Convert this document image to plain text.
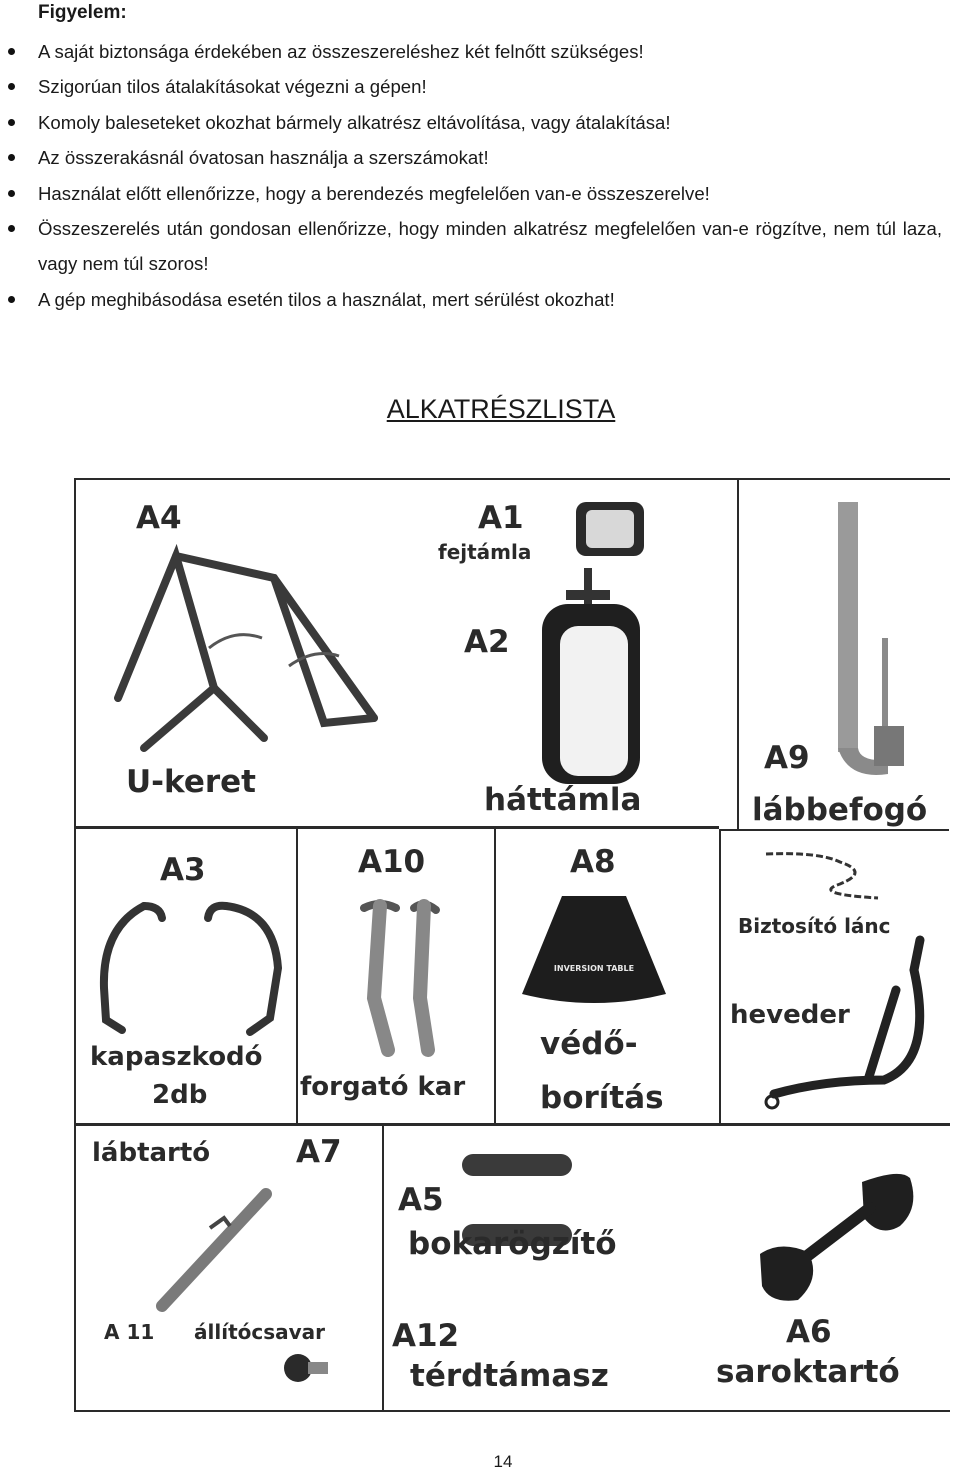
Figyelem:
A saját biztonsága érdekében az összeszereléshez két felnőtt szükséges!
Szigorúan tilos átalakításokat végezni a gépen!
Komoly baleseteket okozhat bármely alkatrész eltávolítása, vagy átalakítása!
Az összerakásnál óvatosan használja a szerszámokat!
Használat előtt ellenőrizze, hogy a berendezés megfelelően van-e összeszerelve!
Összeszerelés után gondosan ellenőrizze, hogy minden alkatrész megfelelően van-e rögzítve, nem túl laza, vagy nem túl szoros!
A gép meghibásodása esetén tilos a használat, mert sérülést okozhat!
ALKATRÉSZLISTA
A4
U-keret
A1
fejtámla
A2
háttámla
A9
lábbefogó
A3
kapaszkodó
2db
A10
forgató kar
A8
INVERSION TABLE
védő-
borítás
Biztosító lánc
heveder
lábtartó	A7
A 11 állítócsavar
A5
bokarögzítő
A12
térdtámasz
A6
saroktartó
14
